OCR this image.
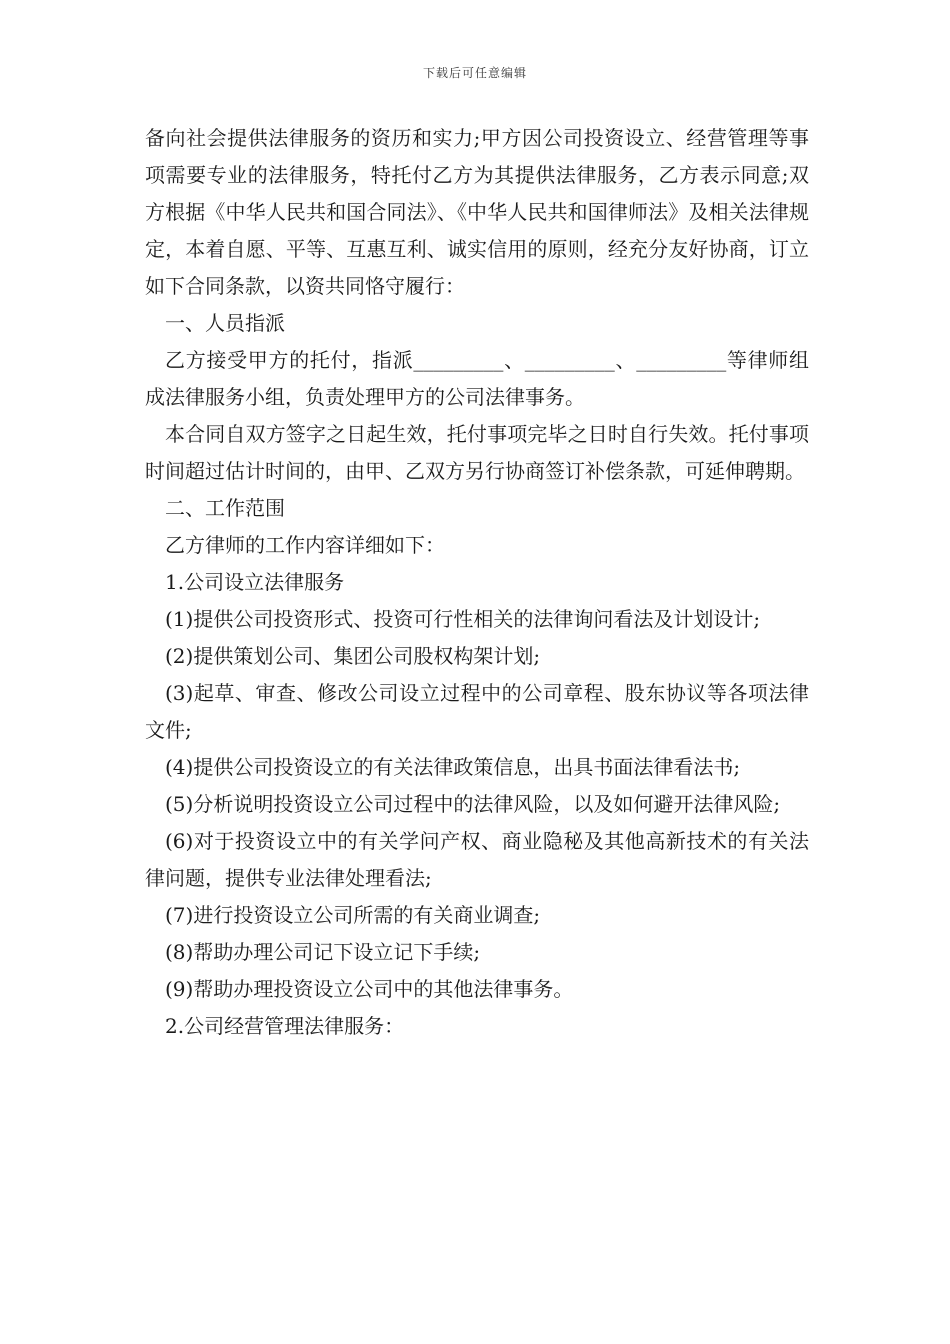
下载后可任意编辑

备向社会提供法律服务的资历和实力;甲方因公司投资设立、经营管理等事项需要专业的法律服务，特托付乙方为其提供法律服务，乙方表示同意;双方根据《中华人民共和国合同法》、《中华人民共和国律师法》及相关法律规定，本着自愿、平等、互惠互利、诚实信用的原则，经充分友好协商，订立如下合同条款，以资共同恪守履行：

一、人员指派

乙方接受甲方的托付，指派_________、_________、_________等律师组成法律服务小组，负责处理甲方的公司法律事务。

本合同自双方签字之日起生效，托付事项完毕之日时自行失效。托付事项时间超过估计时间的，由甲、乙双方另行协商签订补偿条款，可延伸聘期。

二、工作范围

乙方律师的工作内容详细如下：

1.公司设立法律服务

(1)提供公司投资形式、投资可行性相关的法律询问看法及计划设计;

(2)提供策划公司、集团公司股权构架计划;

(3)起草、审查、修改公司设立过程中的公司章程、股东协议等各项法律文件;

(4)提供公司投资设立的有关法律政策信息，出具书面法律看法书;

(5)分析说明投资设立公司过程中的法律风险，以及如何避开法律风险;

(6)对于投资设立中的有关学问产权、商业隐秘及其他高新技术的有关法律问题，提供专业法律处理看法;

(7)进行投资设立公司所需的有关商业调查;

(8)帮助办理公司记下设立记下手续;

(9)帮助办理投资设立公司中的其他法律事务。

2.公司经营管理法律服务：
